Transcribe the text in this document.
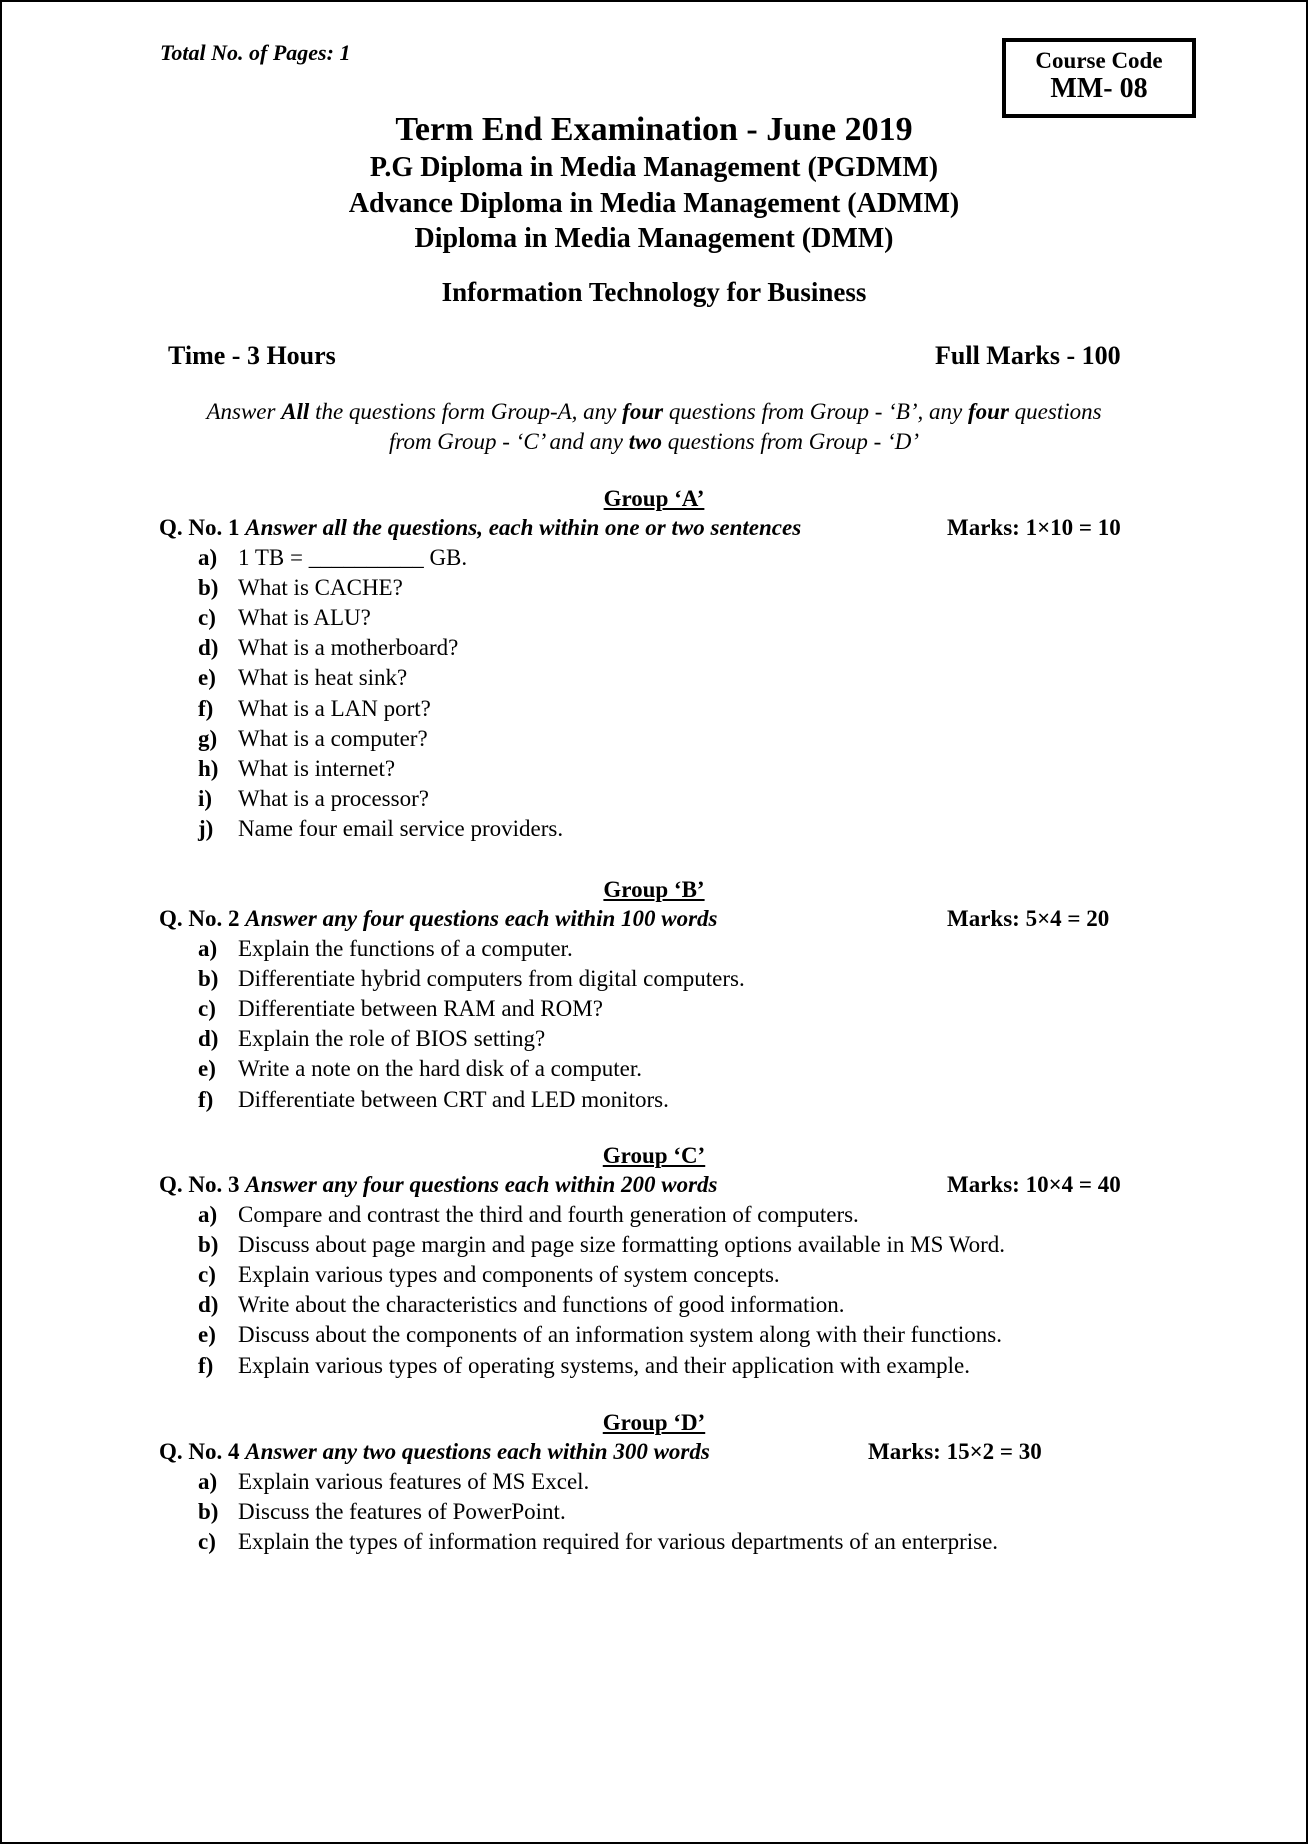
Total No. of Pages: 1	Course Code
MM- 08
Term End Examination - June 2019
P.G Diploma in Media Management (PGDMM)
Advance Diploma in Media Management (ADMM)
Diploma in Media Management (DMM)
Information Technology for Business
Time - 3 Hours	Full Marks - 100
Answer All the questions form Group-A, any four questions from Group - ‘B’, any four questions
from Group - ‘C’ and any two questions from Group - ‘D’
Group ‘A’
Q. No. 1 Answer all the questions, each within one or two sentences	Marks: 1×10 = 10
a) 1 TB = __________ GB.
b) What is CACHE?
c) What is ALU?
d) What is a motherboard?
e) What is heat sink?
f) What is a LAN port?
g) What is a computer?
h) What is internet?
i) What is a processor?
j) Name four email service providers.
Group ‘B’
Q. No. 2 Answer any four questions each within 100 words	Marks: 5×4 = 20
a) Explain the functions of a computer.
b) Differentiate hybrid computers from digital computers.
c) Differentiate between RAM and ROM?
d) Explain the role of BIOS setting?
e) Write a note on the hard disk of a computer.
f) Differentiate between CRT and LED monitors.
Group ‘C’
Q. No. 3 Answer any four questions each within 200 words	Marks: 10×4 = 40
a) Compare and contrast the third and fourth generation of computers.
b) Discuss about page margin and page size formatting options available in MS Word.
c) Explain various types and components of system concepts.
d) Write about the characteristics and functions of good information.
e) Discuss about the components of an information system along with their functions.
f) Explain various types of operating systems, and their application with example.
Group ‘D’
Q. No. 4 Answer any two questions each within 300 words	Marks: 15×2 = 30
a) Explain various features of MS Excel.
b) Discuss the features of PowerPoint.
c) Explain the types of information required for various departments of an enterprise.
